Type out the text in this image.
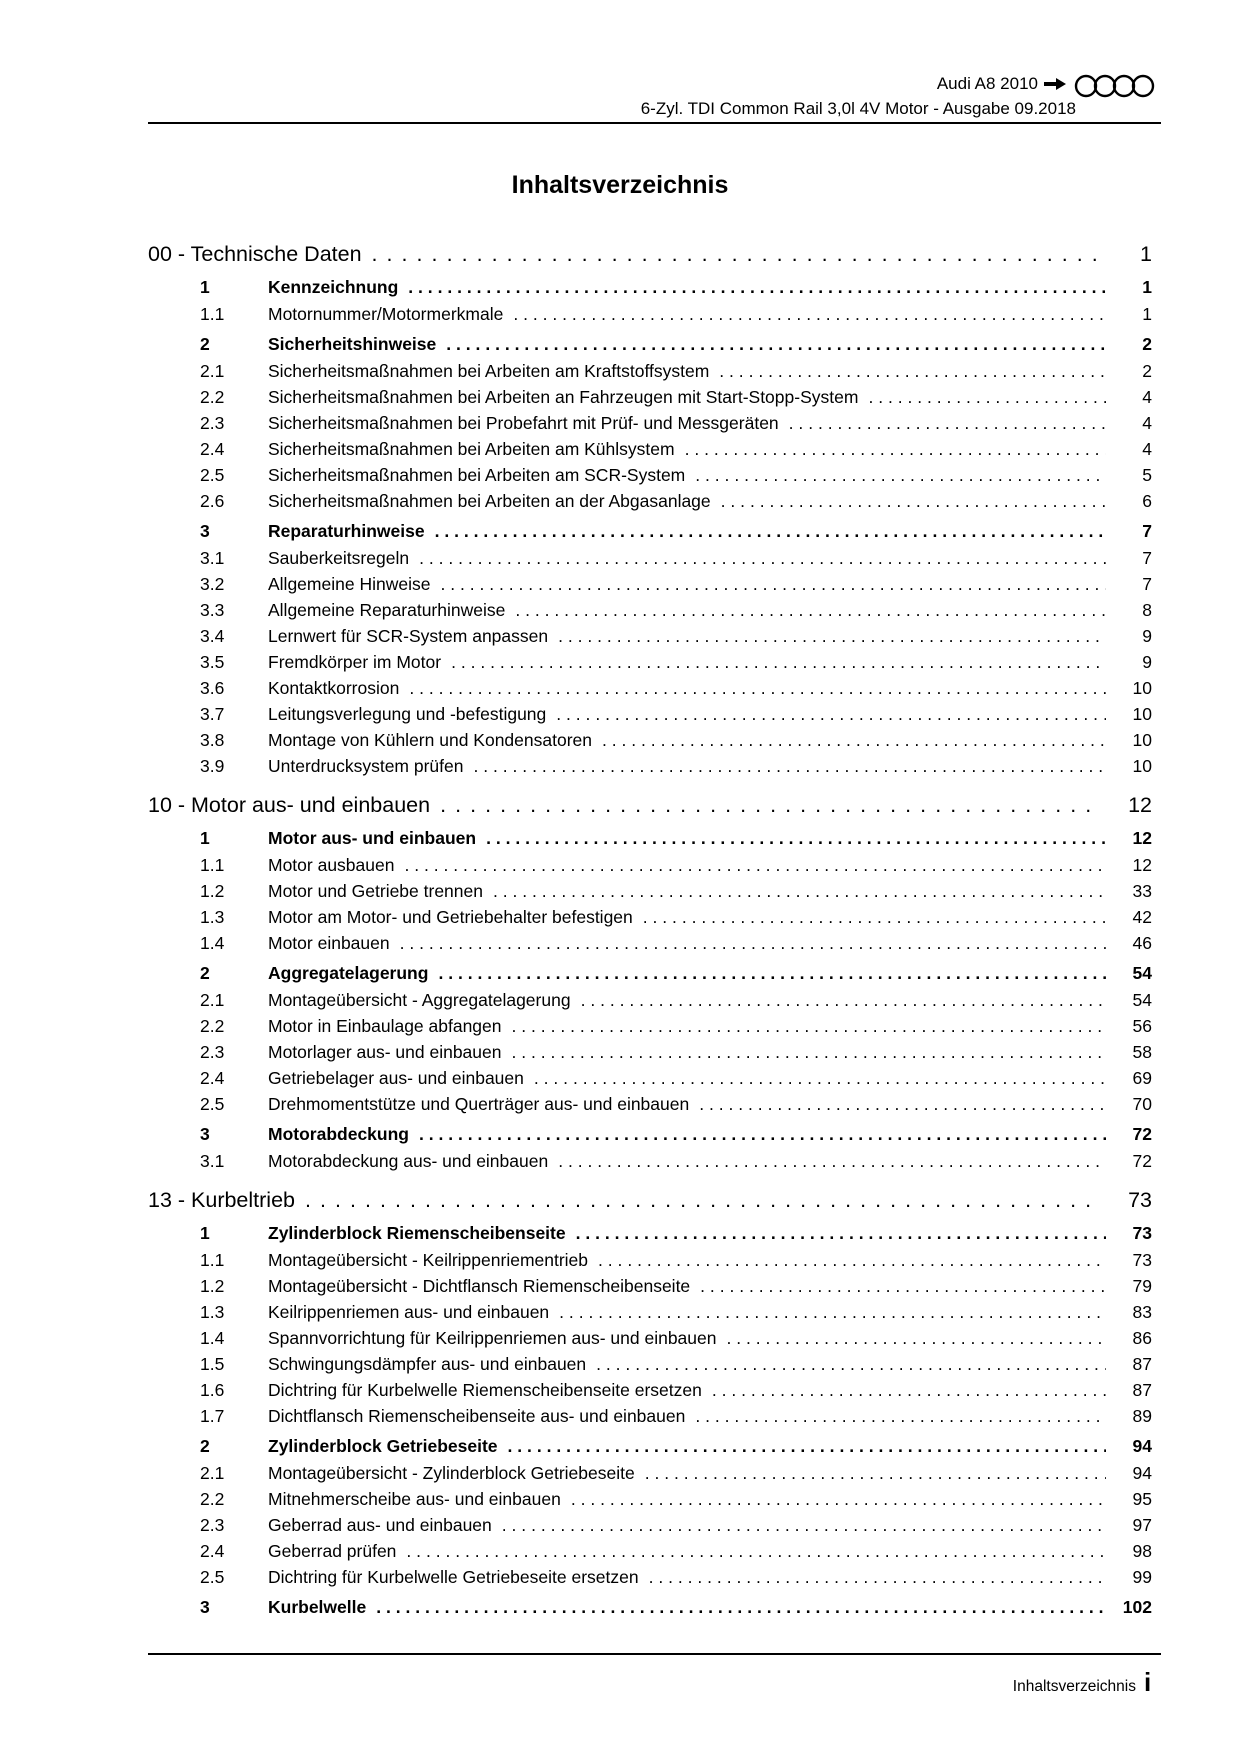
Audi A8 2010
6-Zyl. TDI Common Rail 3,0l 4V Motor - Ausgabe 09.2018
Inhaltsverzeichnis
00 - Technische Daten .....	1
1	Kennzeichnung .....	1
1.1	Motornummer/Motormerkmale .....	1
2	Sicherheitshinweise .....	2
2.1	Sicherheitsmaßnahmen bei Arbeiten am Kraftstoffsystem .....	2
2.2	Sicherheitsmaßnahmen bei Arbeiten an Fahrzeugen mit Start-Stopp-System .....	4
2.3	Sicherheitsmaßnahmen bei Probefahrt mit Prüf- und Messgeräten .....	4
2.4	Sicherheitsmaßnahmen bei Arbeiten am Kühlsystem .....	4
2.5	Sicherheitsmaßnahmen bei Arbeiten am SCR-System .....	5
2.6	Sicherheitsmaßnahmen bei Arbeiten an der Abgasanlage .....	6
3	Reparaturhinweise .....	7
3.1	Sauberkeitsregeln .....	7
3.2	Allgemeine Hinweise .....	7
3.3	Allgemeine Reparaturhinweise .....	8
3.4	Lernwert für SCR-System anpassen .....	9
3.5	Fremdkörper im Motor .....	9
3.6	Kontaktkorrosion .....	10
3.7	Leitungsverlegung und -befestigung .....	10
3.8	Montage von Kühlern und Kondensatoren .....	10
3.9	Unterdrucksystem prüfen .....	10
10 - Motor aus- und einbauen .....	12
1	Motor aus- und einbauen .....	12
1.1	Motor ausbauen .....	12
1.2	Motor und Getriebe trennen .....	33
1.3	Motor am Motor- und Getriebehalter befestigen .....	42
1.4	Motor einbauen .....	46
2	Aggregatelagerung .....	54
2.1	Montageübersicht - Aggregatelagerung .....	54
2.2	Motor in Einbaulage abfangen .....	56
2.3	Motorlager aus- und einbauen .....	58
2.4	Getriebelager aus- und einbauen .....	69
2.5	Drehmomentstütze und Querträger aus- und einbauen .....	70
3	Motorabdeckung .....	72
3.1	Motorabdeckung aus- und einbauen .....	72
13 - Kurbeltrieb .....	73
1	Zylinderblock Riemenscheibenseite .....	73
1.1	Montageübersicht - Keilrippenriementrieb .....	73
1.2	Montageübersicht - Dichtflansch Riemenscheibenseite .....	79
1.3	Keilrippenriemen aus- und einbauen .....	83
1.4	Spannvorrichtung für Keilrippenriemen aus- und einbauen .....	86
1.5	Schwingungsdämpfer aus- und einbauen .....	87
1.6	Dichtring für Kurbelwelle Riemenscheibenseite ersetzen .....	87
1.7	Dichtflansch Riemenscheibenseite aus- und einbauen .....	89
2	Zylinderblock Getriebeseite .....	94
2.1	Montageübersicht - Zylinderblock Getriebeseite .....	94
2.2	Mitnehmerscheibe aus- und einbauen .....	95
2.3	Geberrad aus- und einbauen .....	97
2.4	Geberrad prüfen .....	98
2.5	Dichtring für Kurbelwelle Getriebeseite ersetzen .....	99
3	Kurbelwelle .....	102
Inhaltsverzeichnis i
